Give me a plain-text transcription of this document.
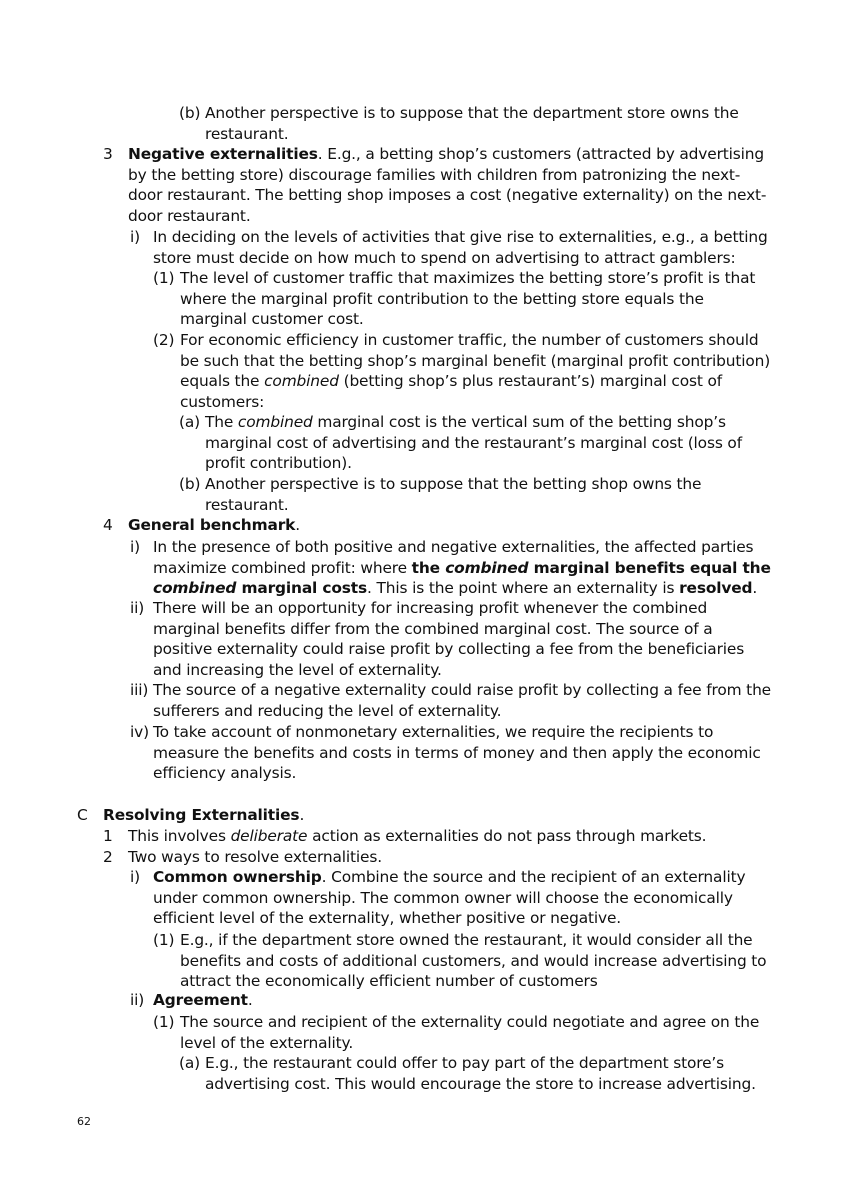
62
(b) Another perspective is to suppose that the department store owns the
restaurant.
3 Negative externalities. E.g., a betting shop’s customers (attracted by advertising
by the betting store) discourage families with children from patronizing the next-
door restaurant. The betting shop imposes a cost (negative externality) on the next-
door restaurant.
i) In deciding on the levels of activities that give rise to externalities, e.g., a betting
store must decide on how much to spend on advertising to attract gamblers:
(1) The level of customer traffic that maximizes the betting store’s profit is that
where the marginal profit contribution to the betting store equals the
marginal customer cost.
(2) For economic efficiency in customer traffic, the number of customers should
be such that the betting shop’s marginal benefit (marginal profit contribution)
equals the combined (betting shop’s plus restaurant’s) marginal cost of
customers:
(a) The combined marginal cost is the vertical sum of the betting shop’s
marginal cost of advertising and the restaurant’s marginal cost (loss of
profit contribution).
(b) Another perspective is to suppose that the betting shop owns the
restaurant.
4 General benchmark.
i) In the presence of both positive and negative externalities, the affected parties
maximize combined profit: where the combined marginal benefits equal the
combined marginal costs. This is the point where an externality is resolved.
ii) There will be an opportunity for increasing profit whenever the combined
marginal benefits differ from the combined marginal cost. The source of a
positive externality could raise profit by collecting a fee from the beneficiaries
and increasing the level of externality.
iii) The source of a negative externality could raise profit by collecting a fee from the
sufferers and reducing the level of externality.
iv) To take account of nonmonetary externalities, we require the recipients to
measure the benefits and costs in terms of money and then apply the economic
efficiency analysis.
C Resolving Externalities.
1 This involves deliberate action as externalities do not pass through markets.
2 Two ways to resolve externalities.
i) Common ownership. Combine the source and the recipient of an externality
under common ownership. The common owner will choose the economically
efficient level of the externality, whether positive or negative.
(1) E.g., if the department store owned the restaurant, it would consider all the
benefits and costs of additional customers, and would increase advertising to
attract the economically efficient number of customers
ii) Agreement.
(1) The source and recipient of the externality could negotiate and agree on the
level of the externality.
(a) E.g., the restaurant could offer to pay part of the department store’s
advertising cost. This would encourage the store to increase advertising.
